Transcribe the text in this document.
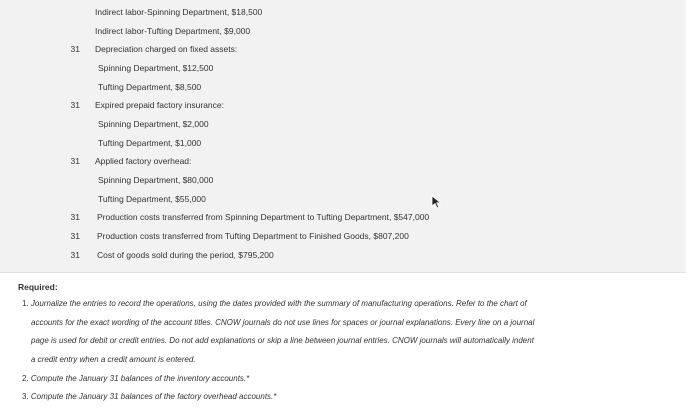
Indirect labor-Spinning Department, $18,500
Indirect labor-Tufting Department, $9,000
31 Depreciation charged on fixed assets:
Spinning Department, $12,500
Tufting Department, $8,500
31 Expired prepaid factory insurance:
Spinning Department, $2,000
Tufting Department, $1,000
31 Applied factory overhead:
Spinning Department, $80,000
Tufting Department, $55,000
31 Production costs transferred from Spinning Department to Tufting Department, $547,000
31 Production costs transferred from Tufting Department to Finished Goods, $807,200
31 Cost of goods sold during the period, $795,200
Required:
1. Journalize the entries to record the operations, using the dates provided with the summary of manufacturing operations. Refer to the chart of
accounts for the exact wording of the account titles. CNOW journals do not use lines for spaces or journal explanations. Every line on a journal
page is used for debit or credit entries. Do not add explanations or skip a line between journal entries. CNOW journals will automatically indent
a credit entry when a credit amount is entered.
2. Compute the January 31 balances of the inventory accounts.*
3. Compute the January 31 balances of the factory overhead accounts.*
